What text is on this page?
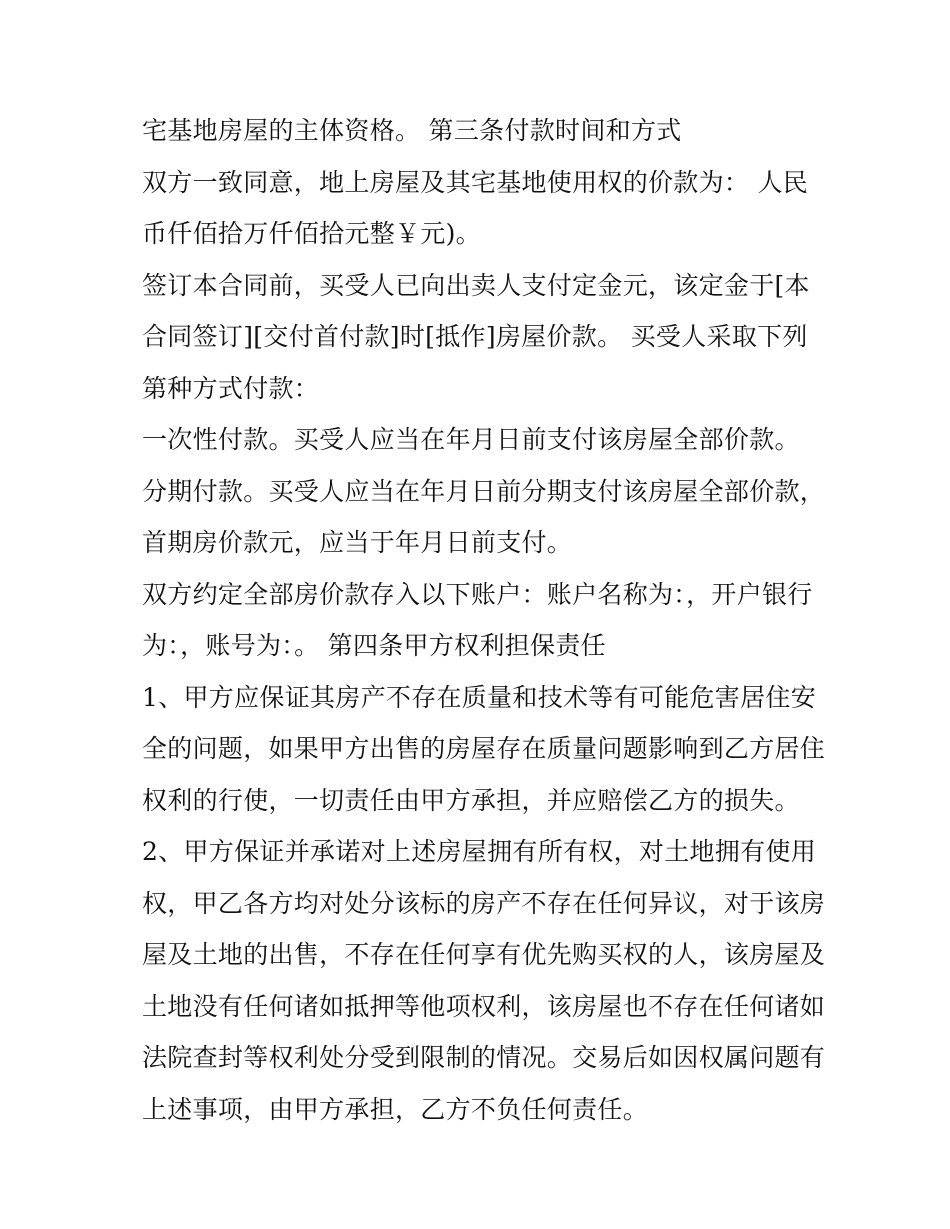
宅基地房屋的主体资格。 第三条付款时间和方式
双方一致同意，地上房屋及其宅基地使用权的价款为： 人民
币仟佰拾万仟佰拾元整￥元)。
签订本合同前，买受人已向出卖人支付定金元，该定金于[本
合同签订][交付首付款]时[抵作]房屋价款。 买受人采取下列
第种方式付款：
一次性付款。买受人应当在年月日前支付该房屋全部价款。
分期付款。买受人应当在年月日前分期支付该房屋全部价款，
首期房价款元，应当于年月日前支付。
双方约定全部房价款存入以下账户：账户名称为：，开户银行
为：，账号为：。 第四条甲方权利担保责任
1、甲方应保证其房产不存在质量和技术等有可能危害居住安
全的问题，如果甲方出售的房屋存在质量问题影响到乙方居住
权利的行使，一切责任由甲方承担，并应赔偿乙方的损失。
2、甲方保证并承诺对上述房屋拥有所有权，对土地拥有使用
权，甲乙各方均对处分该标的房产不存在任何异议，对于该房
屋及土地的出售，不存在任何享有优先购买权的人，该房屋及
土地没有任何诸如抵押等他项权利，该房屋也不存在任何诸如
法院查封等权利处分受到限制的情况。交易后如因权属问题有
上述事项，由甲方承担，乙方不负任何责任。
